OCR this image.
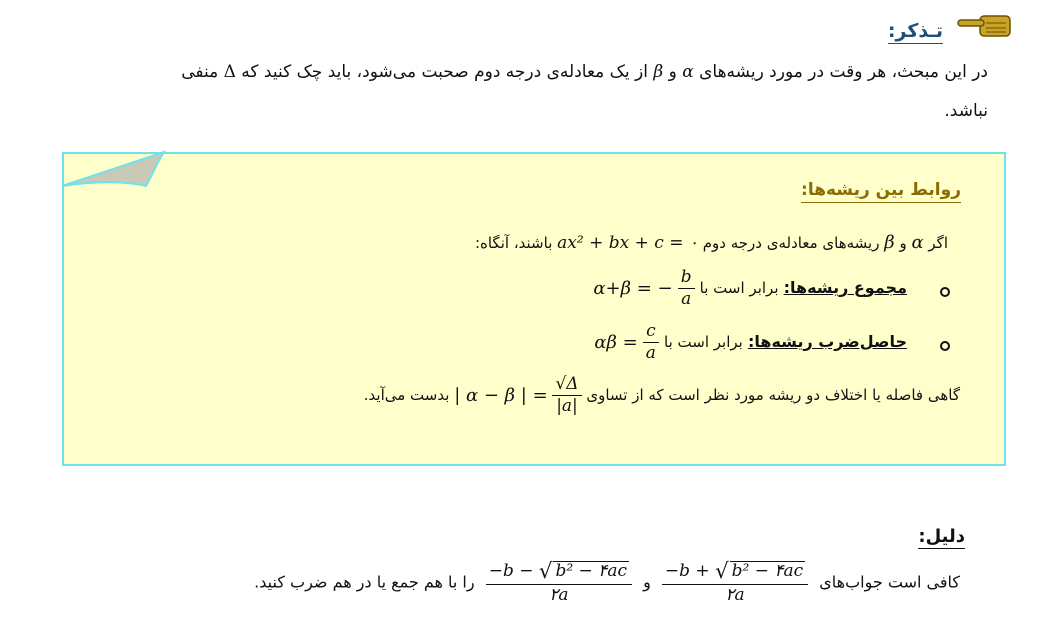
تـذکر:
در این مبحث، هر وقت در مورد ریشه‌های α و β از یک معادله‌ی درجه دوم صحبت می‌شود، باید چک کنید که Δ منفی
نباشد.
روابط بین ریشه‌ها:
اگر α و β ریشه‌های معادله‌ی درجه دوم ax² + bx + c = ۰ باشند، آنگاه:
مجموع ریشه‌ها: برابر است با α+β = − $\frac{b}{a}$
حاصل‌ضرب ریشه‌ها: برابر است با $\alpha\beta = \frac{c}{a}$
گاهی فاصله یا اختلاف دو ریشه مورد نظر است که از تساوی | α − β | = $\frac{√\Delta}{|a|}$
بدست می‌آید.
دلیل:
کافی است جواب‌های
$\frac{\text{−b + √ b² − ۴ac}}{۲a}$
و
$\frac{\text{−b − √ b² − ۴ac}}{۲a}$
را با هم جمع یا در هم ضرب کنید.
